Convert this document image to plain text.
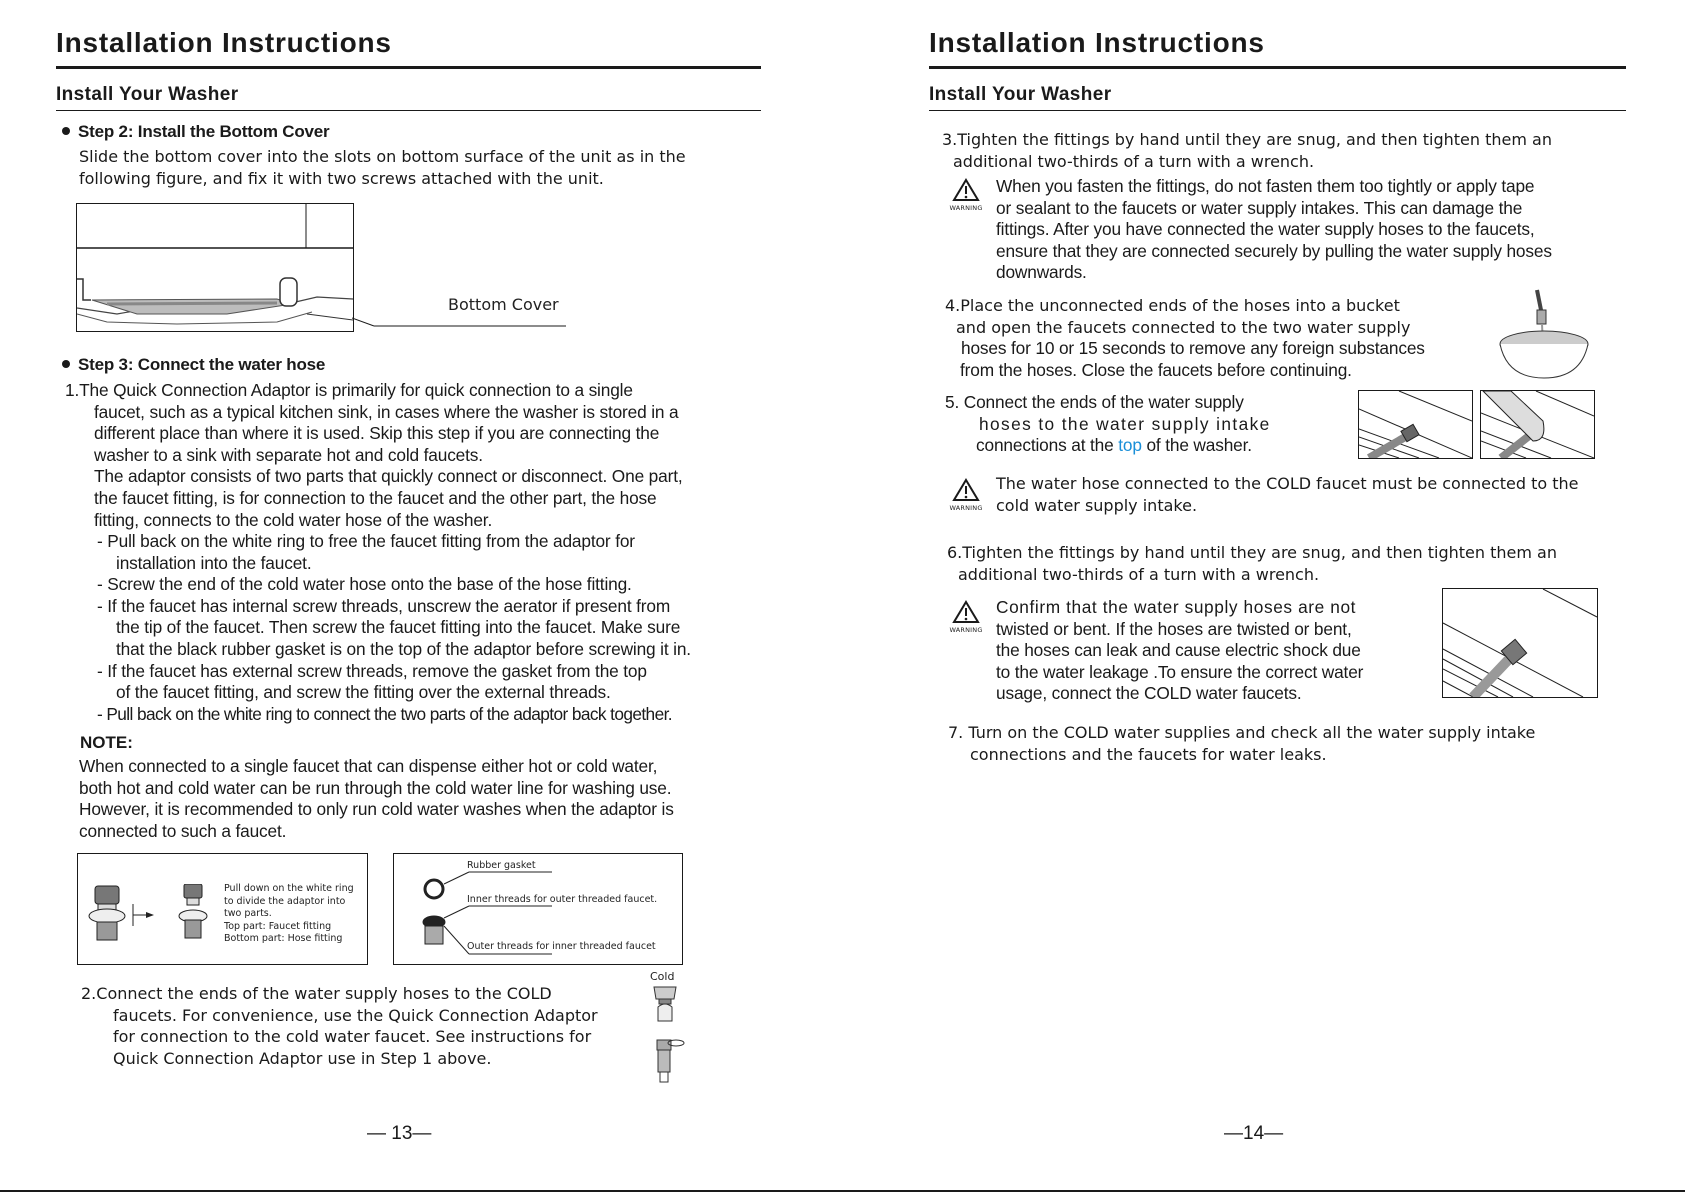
Installation Instructions
Install Your Washer
Step 2: Install the Bottom Cover
Slide the bottom cover into the slots on bottom surface of the unit as in the
following figure, and fix it with two screws attached with the unit.
Bottom Cover
Step 3: Connect the water hose
1.The Quick Connection Adaptor is primarily for quick connection to a single
faucet, such as a typical kitchen sink, in cases where the washer is stored in a
different place than where it is used. Skip this step if you are connecting the
washer to a sink with separate hot and cold faucets.
The adaptor consists of two parts that quickly connect or disconnect. One part,
the faucet fitting, is for connection to the faucet and the other part, the hose
fitting, connects to the cold water hose of the washer.
- Pull back on the white ring to free the faucet fitting from the adaptor for
installation into the faucet.
- Screw the end of the cold water hose onto the base of the hose fitting.
- If the faucet has internal screw threads, unscrew the aerator if present from
the tip of the faucet. Then screw the faucet fitting into the faucet. Make sure
that the black rubber gasket is on the top of the adaptor before screwing it in.
- If the faucet has external screw threads, remove the gasket from the top
of the faucet fitting, and screw the fitting over the external threads.
- Pull back on the white ring to connect the two parts of the adaptor back together.
NOTE:
When connected to a single faucet that can dispense either hot or cold water,
both hot and cold water can be run through the cold water line for washing use.
However, it is recommended to only run cold water washes when the adaptor is
connected to such a faucet.
Pull down on the white ring
to divide the adaptor into
two parts.
Top part: Faucet fitting
Bottom part: Hose fitting
Rubber gasket
Inner threads for outer threaded faucet.
Outer threads for inner threaded faucet
2.Connect the ends of the water supply hoses to the COLD
faucets. For convenience, use the Quick Connection Adaptor
for connection to the cold water faucet. See instructions for
Quick Connection Adaptor use in Step 1 above.
Cold
— 13—
Installation Instructions
Install Your Washer
3.Tighten the fittings by hand until they are snug, and then tighten them an
additional two-thirds of a turn with a wrench.
WARNING
When you fasten the fittings, do not fasten them too tightly or apply tape
or sealant to the faucets or water supply intakes. This can damage the
fittings. After you have connected the water supply hoses to the faucets,
ensure that they are connected securely by pulling the water supply hoses
downwards.
4.Place the unconnected ends of the hoses into a bucket
and open the faucets connected to the two water supply
hoses for 10 or 15 seconds to remove any foreign substances
from the hoses. Close the faucets before continuing.
5. Connect the ends of the water supply
hoses to the water supply intake
connections at the top of the washer.
WARNING
The water hose connected to the COLD faucet must be connected to the
cold water supply intake.
6.Tighten the fittings by hand until they are snug, and then tighten them an
additional two-thirds of a turn with a wrench.
WARNING
Confirm that the water supply hoses are not
twisted or bent. If the hoses are twisted or bent,
the hoses can leak and cause electric shock due
to the water leakage .To ensure the correct water
usage, connect the COLD water faucets.
7. Turn on the COLD water supplies and check all the water supply intake
connections and the faucets for water leaks.
—14—
